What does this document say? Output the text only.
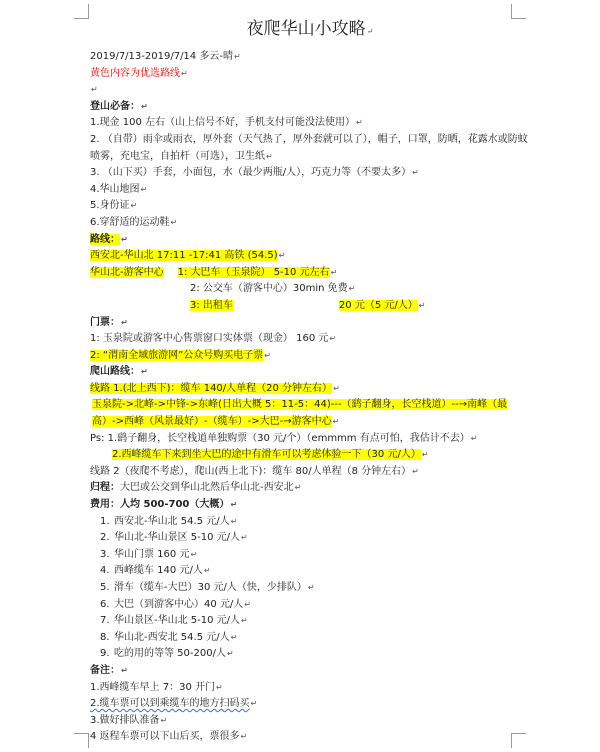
夜爬华山小攻略↵
2019/7/13-2019/7/14 多云-晴↵
黄色内容为优选路线↵
↵
登山必备：↵
1.现金 100 左右（山上信号不好，手机支付可能没法使用）↵
2. （自带）雨伞或雨衣，厚外套（天气热了，厚外套就可以了），帽子，口罩，防晒，花露水或防蚊喷雾，充电宝，自拍杆（可选），卫生纸↵
3. （山下买）手套，小面包，水（最少两瓶/人），巧克力等（不要太多）↵
4.华山地图↵
5.身份证↵
6.穿舒适的运动鞋↵
路线：↵
西安北-华山北 17:11 -17:41 高铁 (54.5)↵
华山北-游客中心 1: 大巴车（玉泉院） 5-10 元左右↵
2: 公交车（游客中心）30min 免费↵
3: 出租车	20 元（5 元/人）↵
门票：↵
1: 玉泉院或游客中心售票窗口实体票（现金） 160 元↵
2: “渭南全域旅游网”公众号购买电子票↵
爬山路线：↵
线路 1.(北上西下)：缆车 140/人单程（20 分钟左右）↵
玉泉院->北峰->中锋->东峰(日出大概 5：11-5：44)---（鹞子翻身，长空栈道）--→南峰（最高）->西峰（风景最好）-（缆车）->大巴-→游客中心↵
Ps: 1.鹞子翻身，长空栈道单独购票（30 元/个）（emmmm 有点可怕，我估计不去）↵
2.西峰缆车下来到坐大巴的途中有滑车可以考虑体验一下（30 元/人）↵
线路 2（夜爬不考虑），爬山(西上北下)：缆车 80/人单程（8 分钟左右）↵
归程：大巴或公交到华山北然后华山北-西安北↵
费用：人均 500-700（大概）↵
1. 西安北-华山北 54.5 元/人↵
2. 华山北-华山景区 5-10 元/人↵
3. 华山门票 160 元↵
4. 西峰缆车 140 元/人↵
5. 滑车（缆车-大巴）30 元/人（快，少排队）↵
6. 大巴（到游客中心）40 元/人↵
7. 华山景区-华山北 5-10 元/人↵
8. 华山北-西安北 54.5 元/人↵
9. 吃的用的等等 50-200/人↵
备注：↵
1.西峰缆车早上 7：30 开门↵
2.缆车票可以到乘缆车的地方扫码买↵
3.做好排队准备↵
4 返程车票可以下山后买，票很多↵
